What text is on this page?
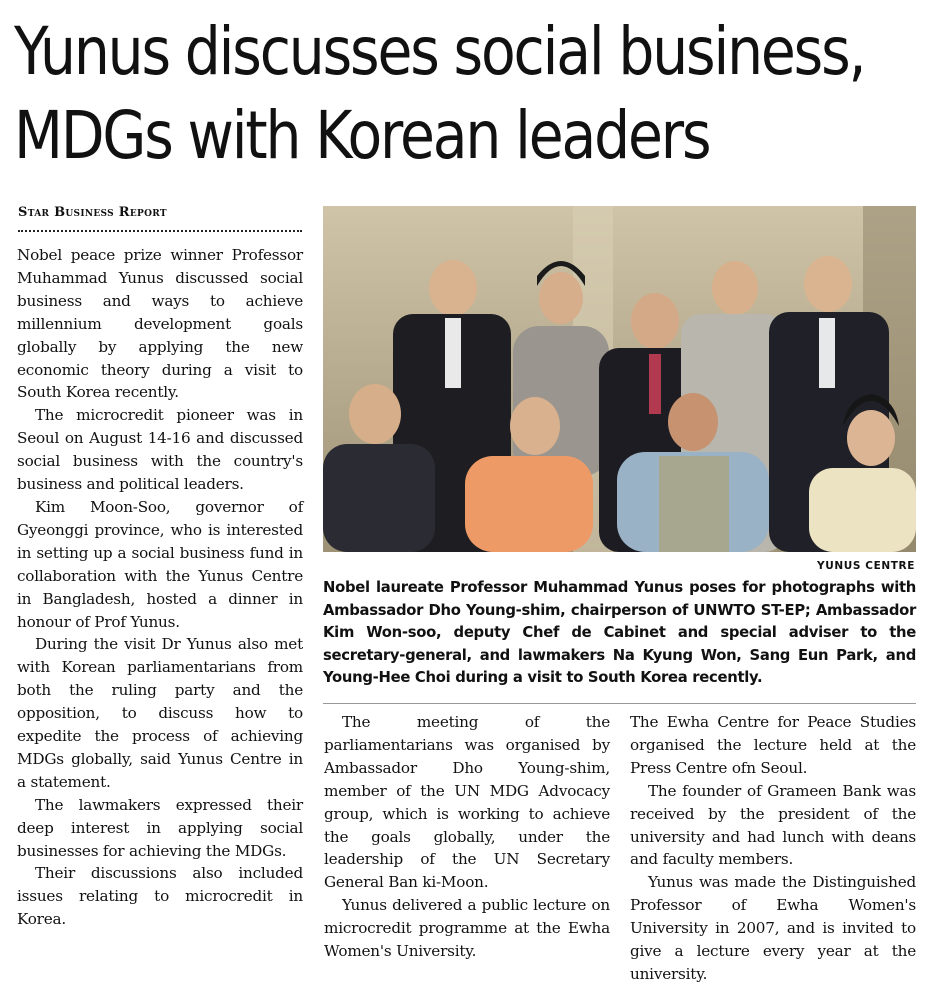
Yunus discusses social business,
MDGs with Korean leaders
Star Business Report

Nobel peace prize winner Professor Muhammad Yunus discussed social business and ways to achieve millennium development goals globally by applying the new economic theory during a visit to South Korea recently.

The microcredit pioneer was in Seoul on August 14-16 and discussed social business with the country's business and political leaders.

Kim Moon-Soo, governor of Gyeonggi province, who is interested in setting up a social business fund in collaboration with the Yunus Centre in Bangladesh, hosted a dinner in honour of Prof Yunus.

During the visit Dr Yunus also met with Korean parliamentarians from both the ruling party and the opposition, to discuss how to expedite the process of achieving MDGs globally, said Yunus Centre in a statement.

The lawmakers expressed their deep interest in applying social businesses for achieving the MDGs.

Their discussions also included issues relating to microcredit in Korea.

YUNUS CENTRE
Nobel laureate Professor Muhammad Yunus poses for photographs with Ambassador Dho Young-shim, chairperson of UNWTO ST-EP; Ambassador Kim Won-soo, deputy Chef de Cabinet and special adviser to the secretary-general, and lawmakers Na Kyung Won, Sang Eun Park, and Young-Hee Choi during a visit to South Korea recently.

The meeting of the parliamentarians was organised by Ambassador Dho Young-shim, member of the UN MDG Advocacy group, which is working to achieve the goals globally, under the leadership of the UN Secretary General Ban ki-Moon.

Yunus delivered a public lecture on microcredit programme at the Ewha Women's University.

The Ewha Centre for Peace Studies organised the lecture held at the Press Centre ofn Seoul.

The founder of Grameen Bank was received by the president of the university and had lunch with deans and faculty members.

Yunus was made the Distinguished Professor of Ewha Women's University in 2007, and is invited to give a lecture every year at the university.
